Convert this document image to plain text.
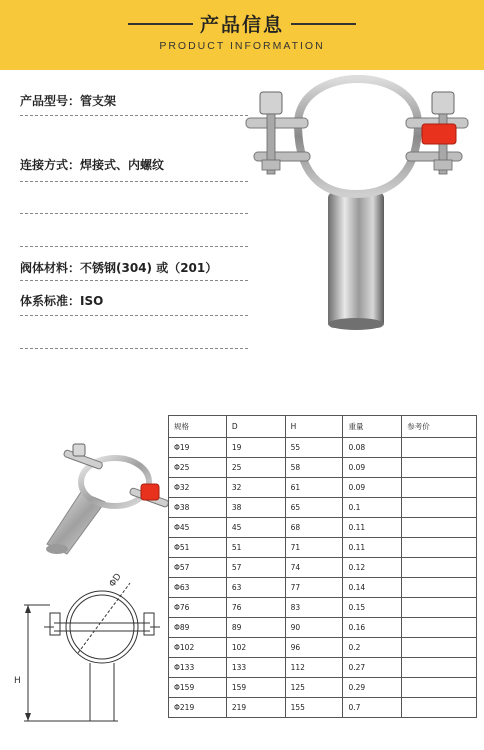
产品信息
PRODUCT INFORMATION
产品型号：管支架
连接方式：焊接式、内螺纹
阀体材料：不锈钢(304) 或（201）
体系标准：ISO
ΦD
H
规格	D	H	重量	参考价
Φ19	19	55	0.08	
Φ25	25	58	0.09	
Φ32	32	61	0.09	
Φ38	38	65	0.1	
Φ45	45	68	0.11	
Φ51	51	71	0.11	
Φ57	57	74	0.12	
Φ63	63	77	0.14	
Φ76	76	83	0.15	
Φ89	89	90	0.16	
Φ102	102	96	0.2	
Φ133	133	112	0.27	
Φ159	159	125	0.29	
Φ219	219	155	0.7	
